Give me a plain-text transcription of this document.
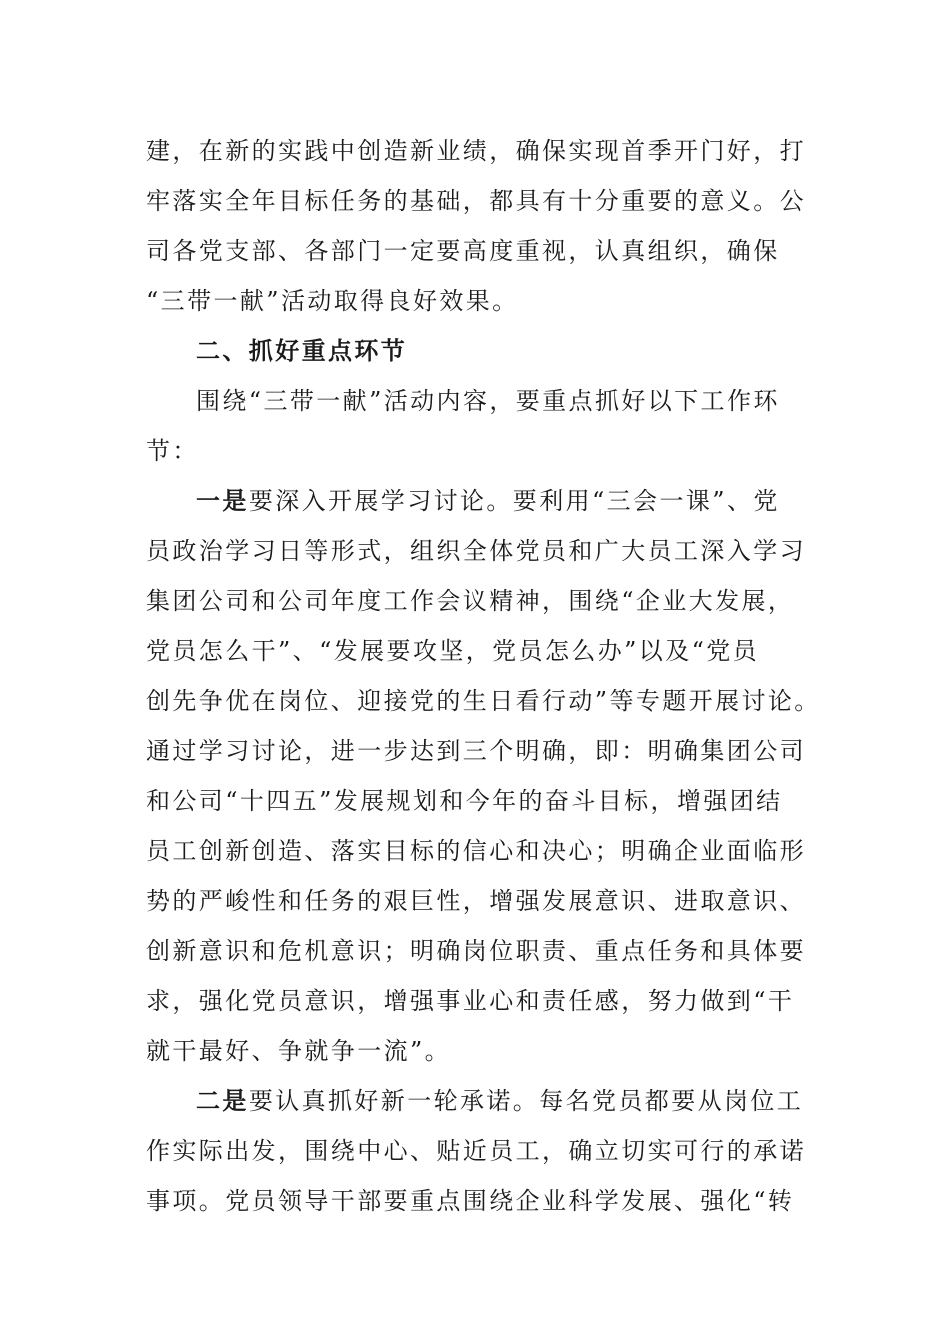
建，在新的实践中创造新业绩，确保实现首季开门好，打
牢落实全年目标任务的基础，都具有十分重要的意义。公
司各党支部、各部门一定要高度重视，认真组织，确保
“三带一献”活动取得良好效果。
二、抓好重点环节
围绕“三带一献”活动内容，要重点抓好以下工作环
节：
一是要深入开展学习讨论。要利用“三会一课”、党
员政治学习日等形式，组织全体党员和广大员工深入学习
集团公司和公司年度工作会议精神，围绕“企业大发展，
党员怎么干”、“发展要攻坚，党员怎么办”以及“党员
创先争优在岗位、迎接党的生日看行动”等专题开展讨论。
通过学习讨论，进一步达到三个明确，即：明确集团公司
和公司“十四五”发展规划和今年的奋斗目标，增强团结
员工创新创造、落实目标的信心和决心；明确企业面临形
势的严峻性和任务的艰巨性，增强发展意识、进取意识、
创新意识和危机意识；明确岗位职责、重点任务和具体要
求，强化党员意识，增强事业心和责任感，努力做到“干
就干最好、争就争一流”。
二是要认真抓好新一轮承诺。每名党员都要从岗位工
作实际出发，围绕中心、贴近员工，确立切实可行的承诺
事项。党员领导干部要重点围绕企业科学发展、强化“转
